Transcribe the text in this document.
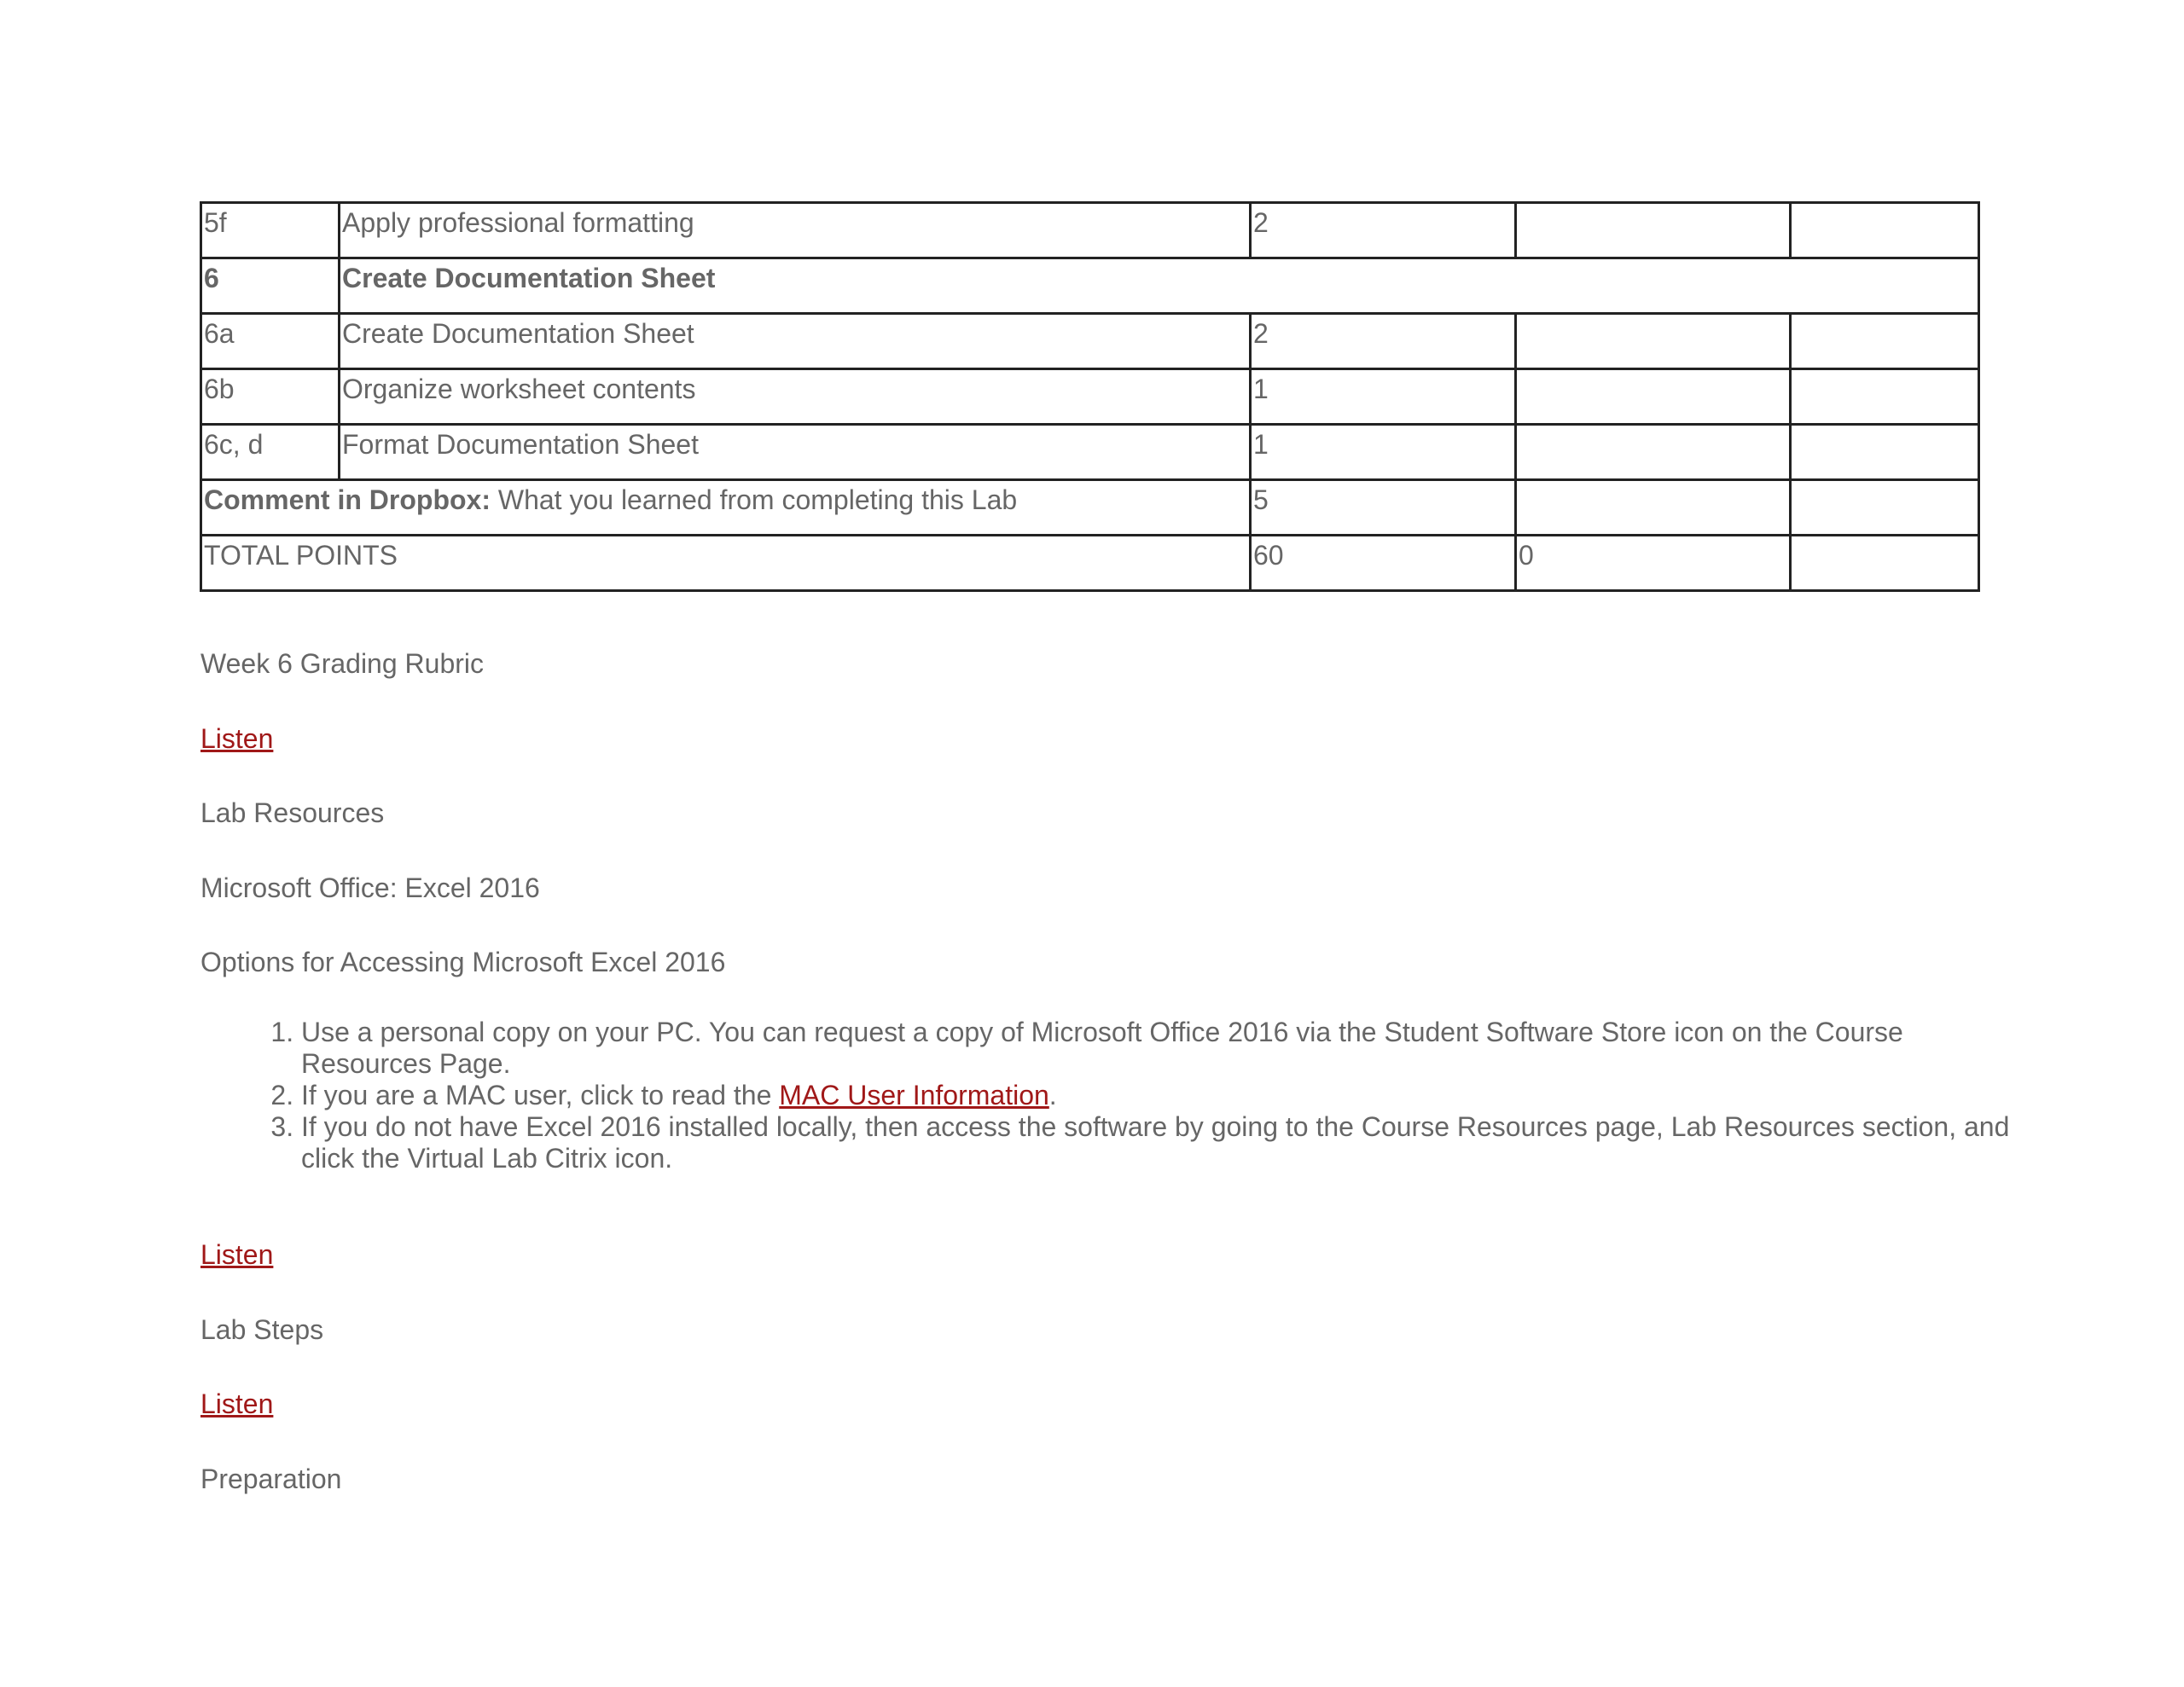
5f	Apply professional formatting	2		
6	Create Documentation Sheet			
6a	Create Documentation Sheet	2		
6b	Organize worksheet contents	1		
6c, d	Format Documentation Sheet	1		
Comment in Dropbox: What you learned from completing this Lab		5		
TOTAL POINTS		60	0	
Week 6 Grading Rubric
Listen
Lab Resources
Microsoft Office: Excel 2016
Options for Accessing Microsoft Excel 2016
1. Use a personal copy on your PC. You can request a copy of Microsoft Office 2016 via the Student Software Store icon on the Course Resources Page.
2. If you are a MAC user, click to read the MAC User Information.
3. If you do not have Excel 2016 installed locally, then access the software by going to the Course Resources page, Lab Resources section, and click the Virtual Lab Citrix icon.
Listen
Lab Steps
Listen
Preparation
